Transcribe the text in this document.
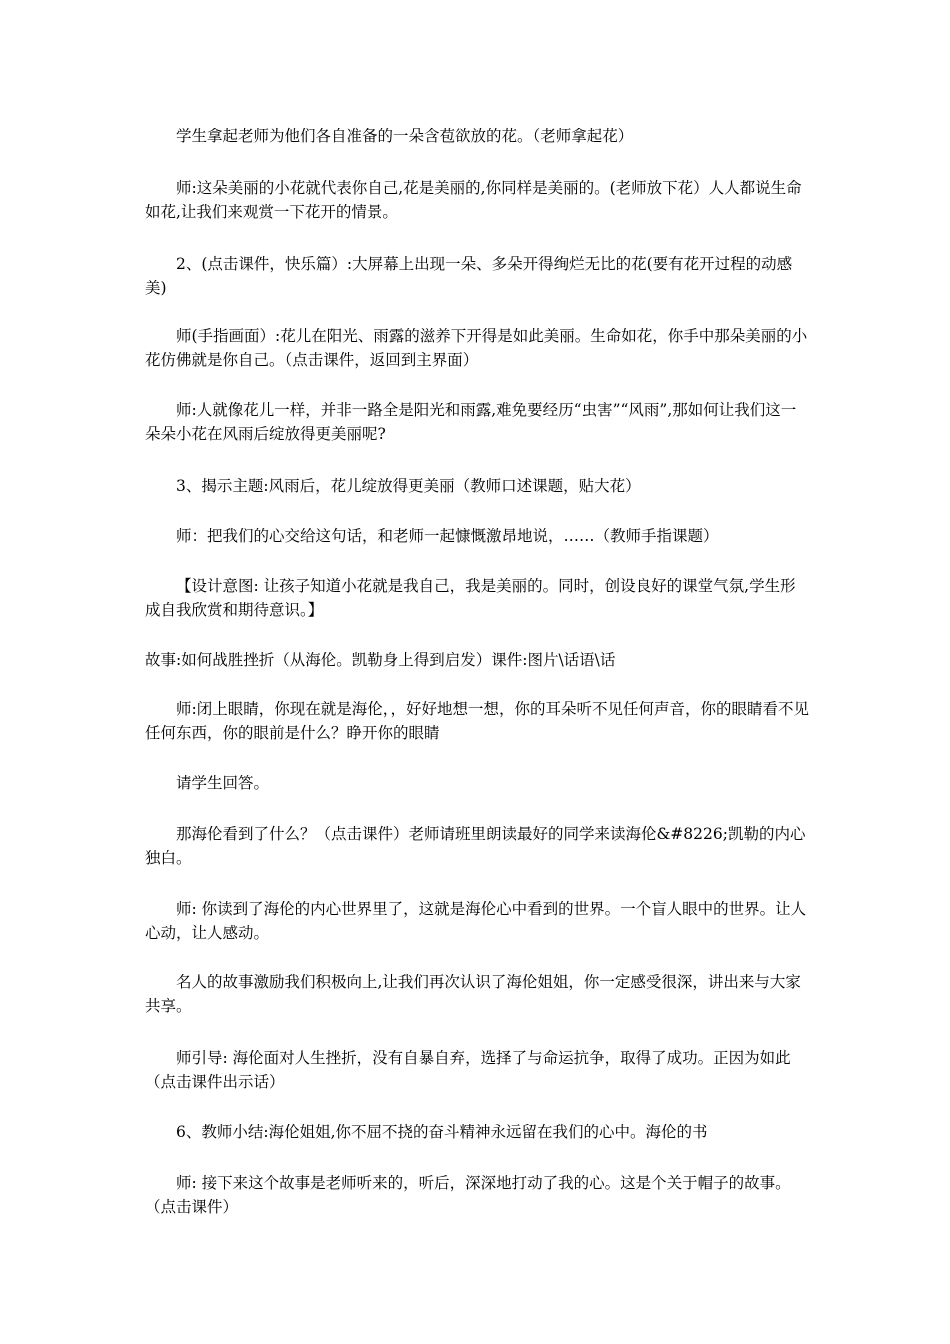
学生拿起老师为他们各自准备的一朵含苞欲放的花。（老师拿起花）

师:这朵美丽的小花就代表你自己,花是美丽的,你同样是美丽的。(老师放下花）人人都说生命如花,让我们来观赏一下花开的情景。

2、(点击课件，快乐篇）:大屏幕上出现一朵、多朵开得绚烂无比的花(要有花开过程的动感美)

师(手指画面）:花儿在阳光、雨露的滋养下开得是如此美丽。生命如花，你手中那朵美丽的小花仿佛就是你自己。（点击课件，返回到主界面）

师:人就像花儿一样，并非一路全是阳光和雨露,难免要经历“虫害”“风雨”,那如何让我们这一朵朵小花在风雨后绽放得更美丽呢?

3、揭示主题:风雨后，花儿绽放得更美丽（教师口述课题，贴大花）

师：把我们的心交给这句话，和老师一起慷慨激昂地说，……（教师手指课题）

【设计意图: 让孩子知道小花就是我自己，我是美丽的。同时，创设良好的课堂气氛,学生形成自我欣赏和期待意识。】

故事:如何战胜挫折（从海伦。凯勒身上得到启发）课件:图片\话语\话

师:闭上眼睛，你现在就是海伦，，好好地想一想，你的耳朵听不见任何声音，你的眼睛看不见任何东西，你的眼前是什么？睁开你的眼睛

请学生回答。

那海伦看到了什么？（点击课件）老师请班里朗读最好的同学来读海伦&#8226;凯勒的内心独白。

师: 你读到了海伦的内心世界里了，这就是海伦心中看到的世界。一个盲人眼中的世界。让人心动，让人感动。

名人的故事激励我们积极向上,让我们再次认识了海伦姐姐，你一定感受很深，讲出来与大家共享。

师引导: 海伦面对人生挫折，没有自暴自弃，选择了与命运抗争，取得了成功。正因为如此（点击课件出示话）

6、教师小结:海伦姐姐,你不屈不挠的奋斗精神永远留在我们的心中。海伦的书

师: 接下来这个故事是老师听来的，听后，深深地打动了我的心。这是个关于帽子的故事。（点击课件）
